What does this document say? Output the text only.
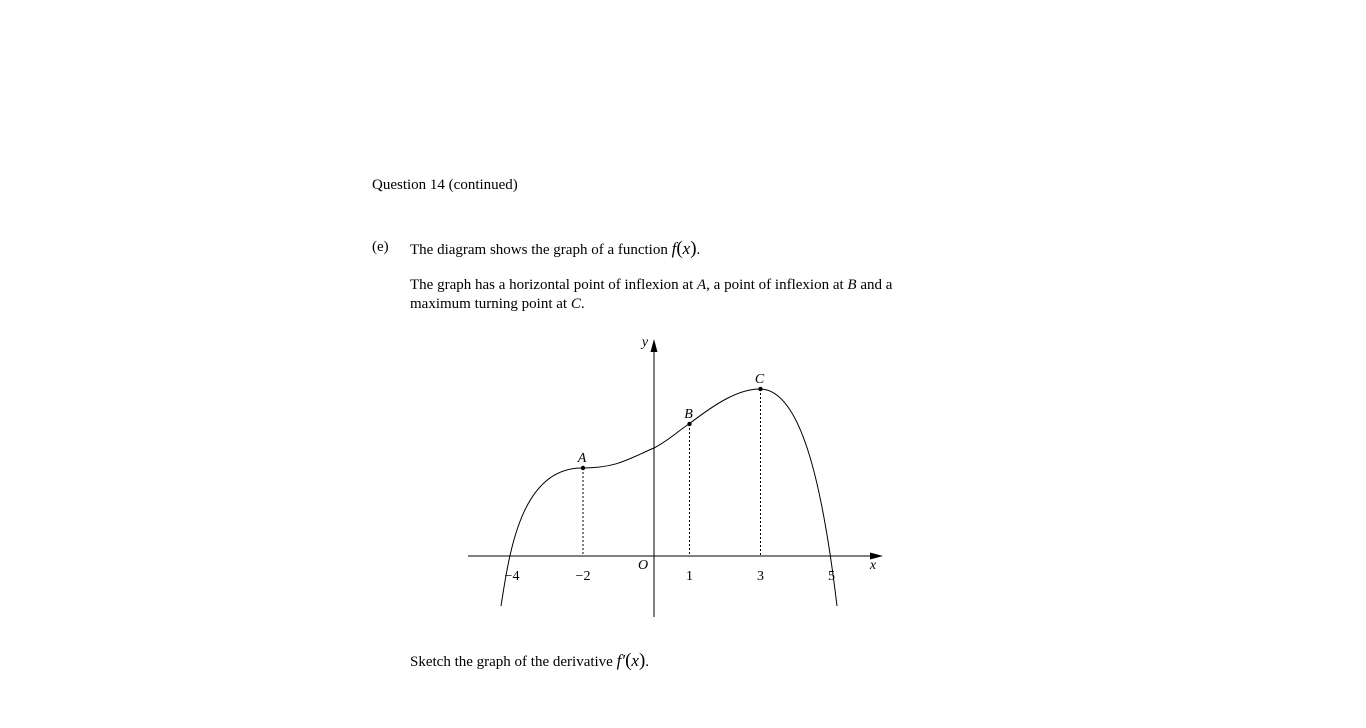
Question 14 (continued)
(e) The diagram shows the graph of a function f(x).
The graph has a horizontal point of inflexion at A, a point of inflexion at B and a maximum turning point at C.
x
y
O
−4	−2	1	3	5
A
B
C
Sketch the graph of the derivative f′(x).
